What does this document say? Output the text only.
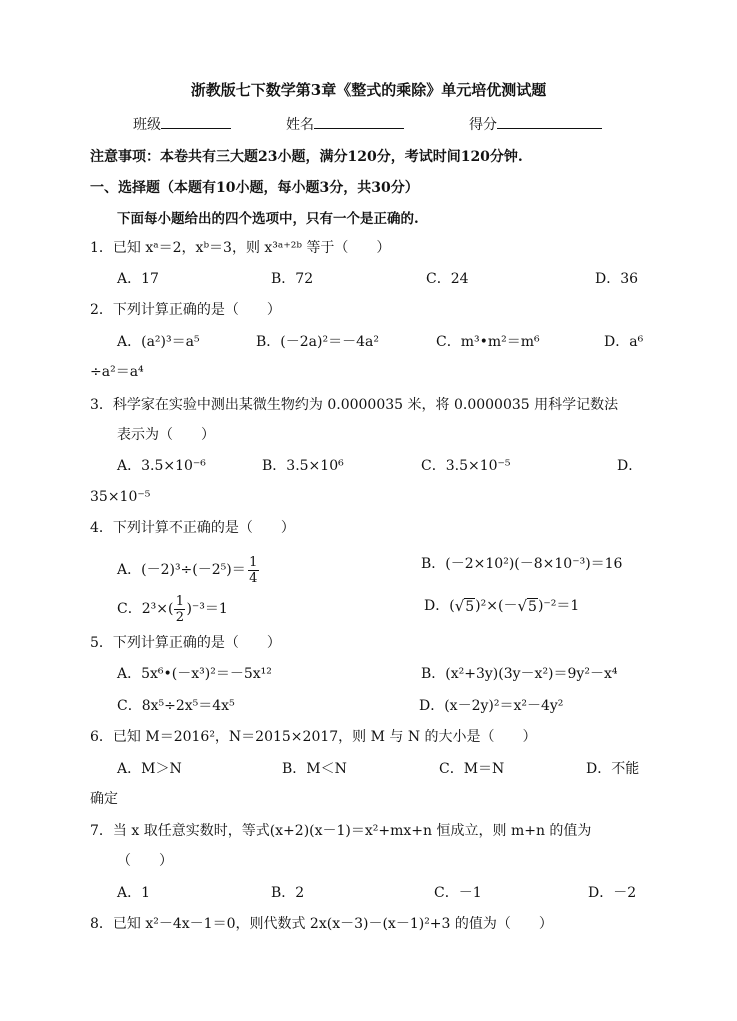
浙教版七下数学第3章《整式的乘除》单元培优测试题
班级	姓名	得分
注意事项：本卷共有三大题23小题，满分120分，考试时间120分钟.
一、选择题（本题有10小题，每小题3分，共30分）
下面每小题给出的四个选项中，只有一个是正确的.
1．已知 xᵃ＝2，xᵇ＝3，则 x³ᵃ⁺²ᵇ 等于（　　）
A．17	B．72	C．24	D．36
2．下列计算正确的是（　　）
A．(a²)³＝a⁵	B．(－2a)²＝－4a²	C．m³•m²＝m⁶	D．a⁶
÷a²＝a⁴
3．科学家在实验中测出某微生物约为 0.0000035 米，将 0.0000035 用科学记数法
表示为（　　）
A．3.5×10⁻⁶	B．3.5×10⁶	C．3.5×10⁻⁵	D．
35×10⁻⁵
4．下列计算不正确的是（　　）
A．(－2)³÷(－2⁵)＝ 1
4
B．(－2×10²)(－8×10⁻³)＝16
C．2³×( 1
2 )⁻³＝1	D．( √ 5 )²×(－ √ 5 )⁻²＝1
5．下列计算正确的是（　　）
A．5x⁶•(－x³)²＝－5x¹²	B．(x²+3y)(3y－x²)＝9y²－x⁴
C．8x⁵÷2x⁵＝4x⁵	D．(x－2y)²＝x²－4y²
6．已知 M＝2016²，N＝2015×2017，则 M 与 N 的大小是（　　）
A．M＞N	B．M＜N	C．M＝N	D．不能
确定
7．当 x 取任意实数时，等式(x+2)(x－1)＝x²+mx+n 恒成立，则 m+n 的值为
（　　）
A．1	B．2	C．－1	D．－2
8．已知 x²－4x－1＝0，则代数式 2x(x－3)－(x－1)²+3 的值为（　　）
